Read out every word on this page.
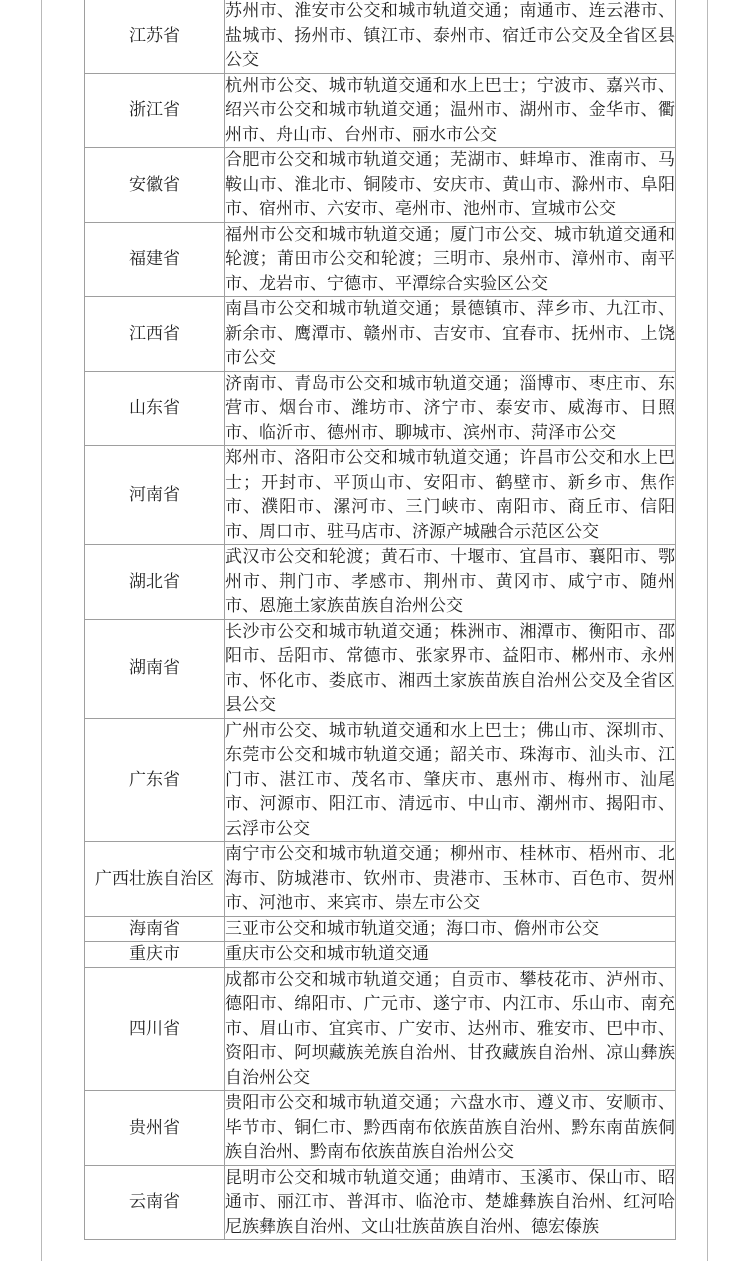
江苏省	苏州市、淮安市公交和城市轨道交通；南通市、连云港市、盐城市、扬州市、镇江市、泰州市、宿迁市公交及全省区县公交
浙江省	杭州市公交、城市轨道交通和水上巴士；宁波市、嘉兴市、绍兴市公交和城市轨道交通；温州市、湖州市、金华市、衢州市、舟山市、台州市、丽水市公交
安徽省	合肥市公交和城市轨道交通；芜湖市、蚌埠市、淮南市、马鞍山市、淮北市、铜陵市、安庆市、黄山市、滁州市、阜阳市、宿州市、六安市、亳州市、池州市、宣城市公交
福建省	福州市公交和城市轨道交通；厦门市公交、城市轨道交通和轮渡；莆田市公交和轮渡；三明市、泉州市、漳州市、南平市、龙岩市、宁德市、平潭综合实验区公交
江西省	南昌市公交和城市轨道交通；景德镇市、萍乡市、九江市、新余市、鹰潭市、赣州市、吉安市、宜春市、抚州市、上饶市公交
山东省	济南市、青岛市公交和城市轨道交通；淄博市、枣庄市、东营市、烟台市、潍坊市、济宁市、泰安市、威海市、日照市、临沂市、德州市、聊城市、滨州市、菏泽市公交
河南省	郑州市、洛阳市公交和城市轨道交通；许昌市公交和水上巴士；开封市、平顶山市、安阳市、鹤壁市、新乡市、焦作市、濮阳市、漯河市、三门峡市、南阳市、商丘市、信阳市、周口市、驻马店市、济源产城融合示范区公交
湖北省	武汉市公交和轮渡；黄石市、十堰市、宜昌市、襄阳市、鄂州市、荆门市、孝感市、荆州市、黄冈市、咸宁市、随州市、恩施土家族苗族自治州公交
湖南省	长沙市公交和城市轨道交通；株洲市、湘潭市、衡阳市、邵阳市、岳阳市、常德市、张家界市、益阳市、郴州市、永州市、怀化市、娄底市、湘西土家族苗族自治州公交及全省区县公交
广东省	广州市公交、城市轨道交通和水上巴士；佛山市、深圳市、东莞市公交和城市轨道交通；韶关市、珠海市、汕头市、江门市、湛江市、茂名市、肇庆市、惠州市、梅州市、汕尾市、河源市、阳江市、清远市、中山市、潮州市、揭阳市、云浮市公交
广西壮族自治区	南宁市公交和城市轨道交通；柳州市、桂林市、梧州市、北海市、防城港市、钦州市、贵港市、玉林市、百色市、贺州市、河池市、来宾市、崇左市公交
海南省	三亚市公交和城市轨道交通；海口市、儋州市公交
重庆市	重庆市公交和城市轨道交通
四川省	成都市公交和城市轨道交通；自贡市、攀枝花市、泸州市、德阳市、绵阳市、广元市、遂宁市、内江市、乐山市、南充市、眉山市、宜宾市、广安市、达州市、雅安市、巴中市、资阳市、阿坝藏族羌族自治州、甘孜藏族自治州、凉山彝族自治州公交
贵州省	贵阳市公交和城市轨道交通；六盘水市、遵义市、安顺市、毕节市、铜仁市、黔西南布依族苗族自治州、黔东南苗族侗族自治州、黔南布依族苗族自治州公交
云南省	昆明市公交和城市轨道交通；曲靖市、玉溪市、保山市、昭通市、丽江市、普洱市、临沧市、楚雄彝族自治州、红河哈尼族彝族自治州、文山壮族苗族自治州、德宏傣族
